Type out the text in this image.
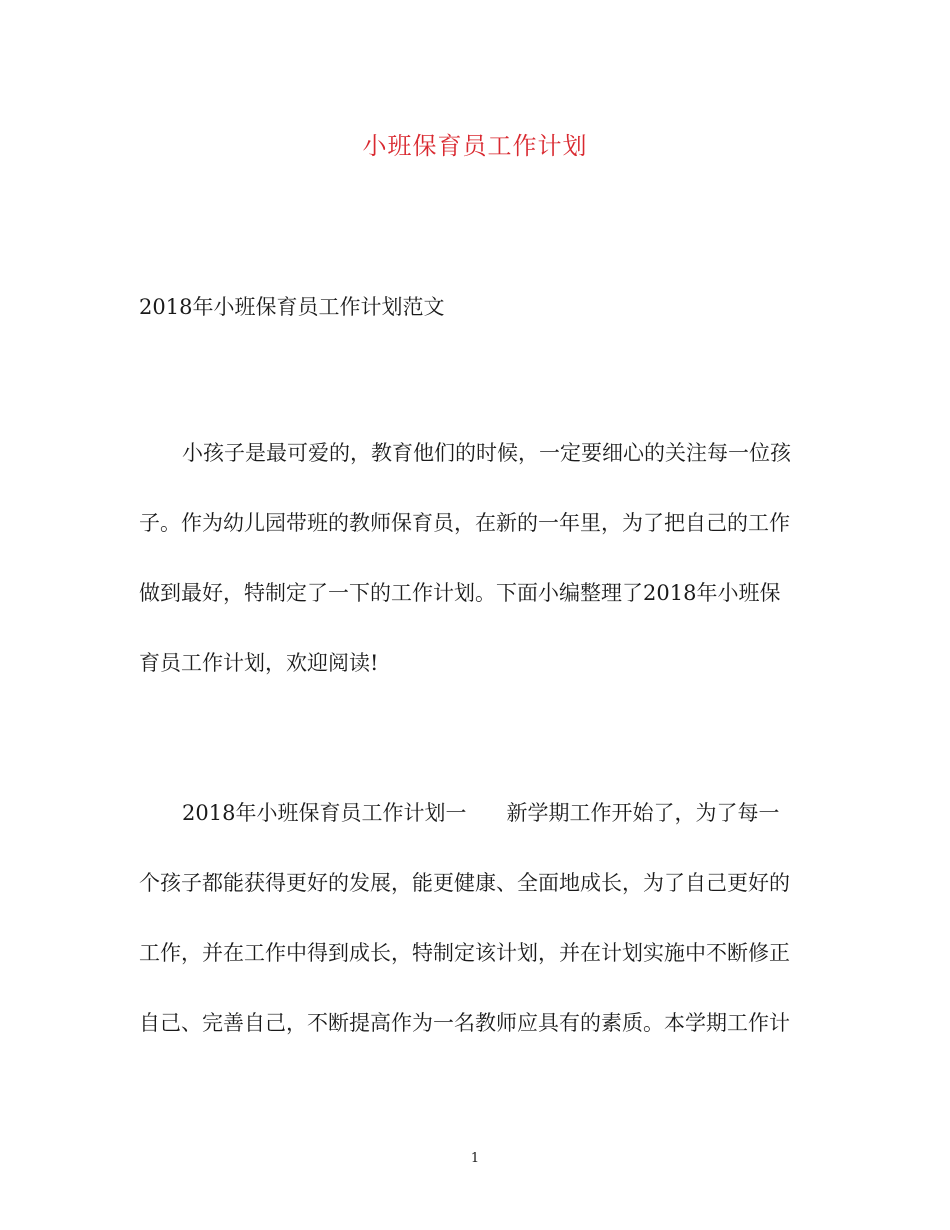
小班保育员工作计划
2018年小班保育员工作计划范文
小孩子是最可爱的，教育他们的时候，一定要细心的关注每一位孩
子。作为幼儿园带班的教师保育员，在新的一年里，为了把自己的工作
做到最好，特制定了一下的工作计划。下面小编整理了2018年小班保
育员工作计划，欢迎阅读!
2018年小班保育员工作计划一 新学期工作开始了，为了每一
个孩子都能获得更好的发展，能更健康、全面地成长，为了自己更好的
工作，并在工作中得到成长，特制定该计划，并在计划实施中不断修正
自己、完善自己，不断提高作为一名教师应具有的素质。本学期工作计
1
